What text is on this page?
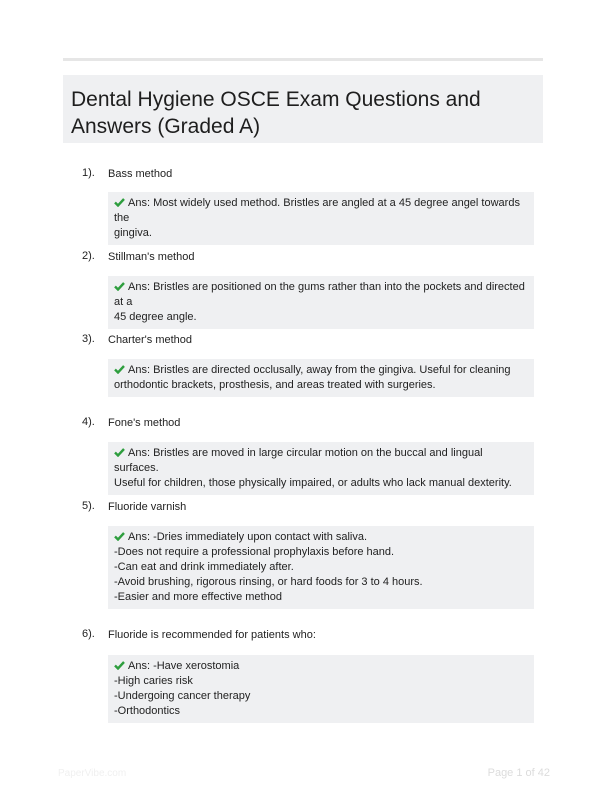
Dental Hygiene OSCE Exam Questions and Answers (Graded A)
1). Bass method
Ans: Most widely used method. Bristles are angled at a 45 degree angel towards the
gingiva.
2). Stillman's method
Ans: Bristles are positioned on the gums rather than into the pockets and directed at a
45 degree angle.
3). Charter's method
Ans: Bristles are directed occlusally, away from the gingiva. Useful for cleaning
orthodontic brackets, prosthesis, and areas treated with surgeries.
4). Fone's method
Ans: Bristles are moved in large circular motion on the buccal and lingual surfaces.
Useful for children, those physically impaired, or adults who lack manual dexterity.
5). Fluoride varnish
Ans: -Dries immediately upon contact with saliva.
-Does not require a professional prophylaxis before hand.
-Can eat and drink immediately after.
-Avoid brushing, rigorous rinsing, or hard foods for 3 to 4 hours.
-Easier and more effective method
6). Fluoride is recommended for patients who:
Ans: -Have xerostomia
-High caries risk
-Undergoing cancer therapy
-Orthodontics
PaperVibe.com	Page 1 of 42
